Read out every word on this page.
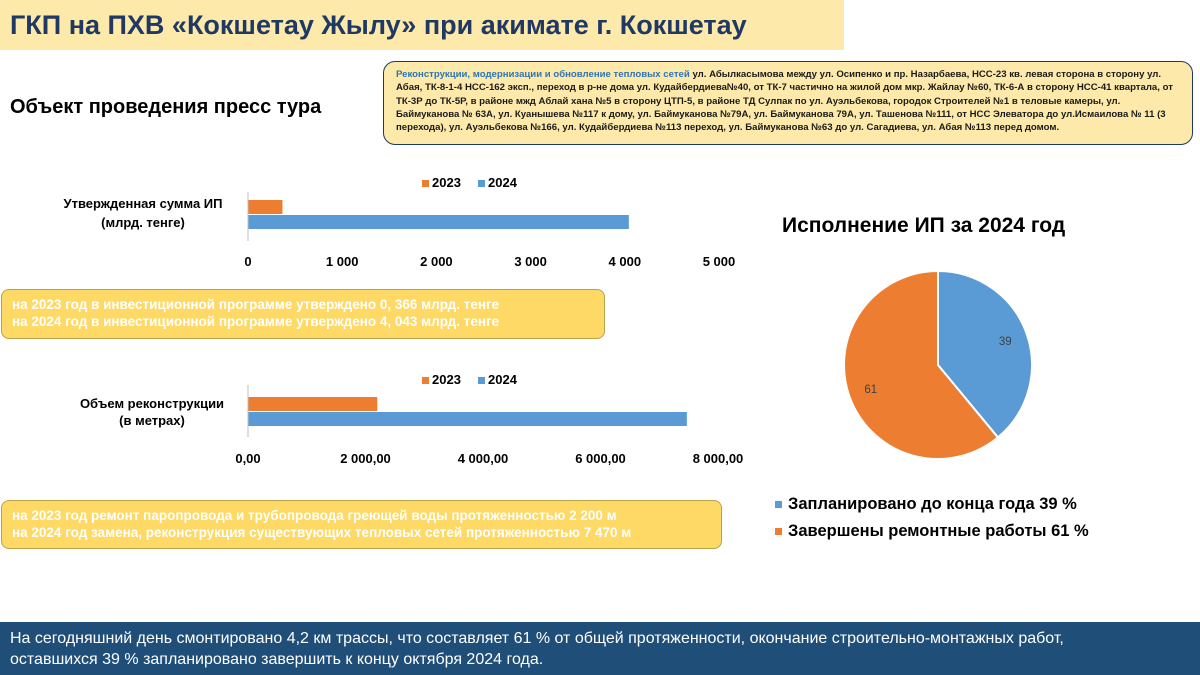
ГКП на ПХВ «Кокшетау Жылу» при акимате г. Кокшетау
Объект проведения пресс тура
Реконструкции, модернизации и обновление тепловых сетей ул. Абылкасымова между ул. Осипенко и пр. Назарбаева, НСС-23 кв. левая сторона в сторону ул. Абая, ТК-8-1-4 НСС-162 эксп., переход в р-не дома ул. Кудайбердиева№40, от ТК-7 частично на жилой дом мкр. Жайлау №60, ТК-6-А в сторону НСС-41 квартала, от ТК-3Р до ТК-5Р, в районе мжд Аблай хана №5 в сторону ЦТП-5, в районе ТД Сулпак по ул. Ауэльбекова, городок Строителей №1 в теловые камеры, ул. Баймуканова № 63А, ул. Куанышева №117 к дому, ул. Баймуканова №79А, ул. Баймуканова 79А, ул. Ташенова №111, от НСС Элеватора до ул.Исмаилова № 11 (3 перехода), ул. Ауэльбекова №166, ул. Кудайбердиева №113 переход, ул. Баймуканова №63 до ул. Сагадиева, ул. Абая №113 перед домом.
2023 2024
Утвержденная сумма ИП
(млрд. тенге)
0	1 000	2 000	3 000	4 000	5 000
2023 2024
Объем реконструкции
(в метрах)
0,00	2 000,00	4 000,00	6 000,00	8 000,00
39
61
на 2023 год в инвестиционной программе утверждено 0, 366 млрд. тенге
на 2024 год в инвестиционной программе утверждено 4, 043 млрд. тенге
на 2023 год ремонт паропровода и трубопровода греющей воды протяженностью 2 200 м
на 2024 год замена, реконструкция существующих тепловых сетей протяженностью 7 470 м
Исполнение ИП за 2024 год
Запланировано до конца года 39 %
Завершены ремонтные работы 61 %
На сегодняшний день смонтировано 4,2 км трассы, что составляет 61 % от общей протяженности, окончание строительно-монтажных работ,
оставшихся 39 % запланировано завершить к концу октября 2024 года.
